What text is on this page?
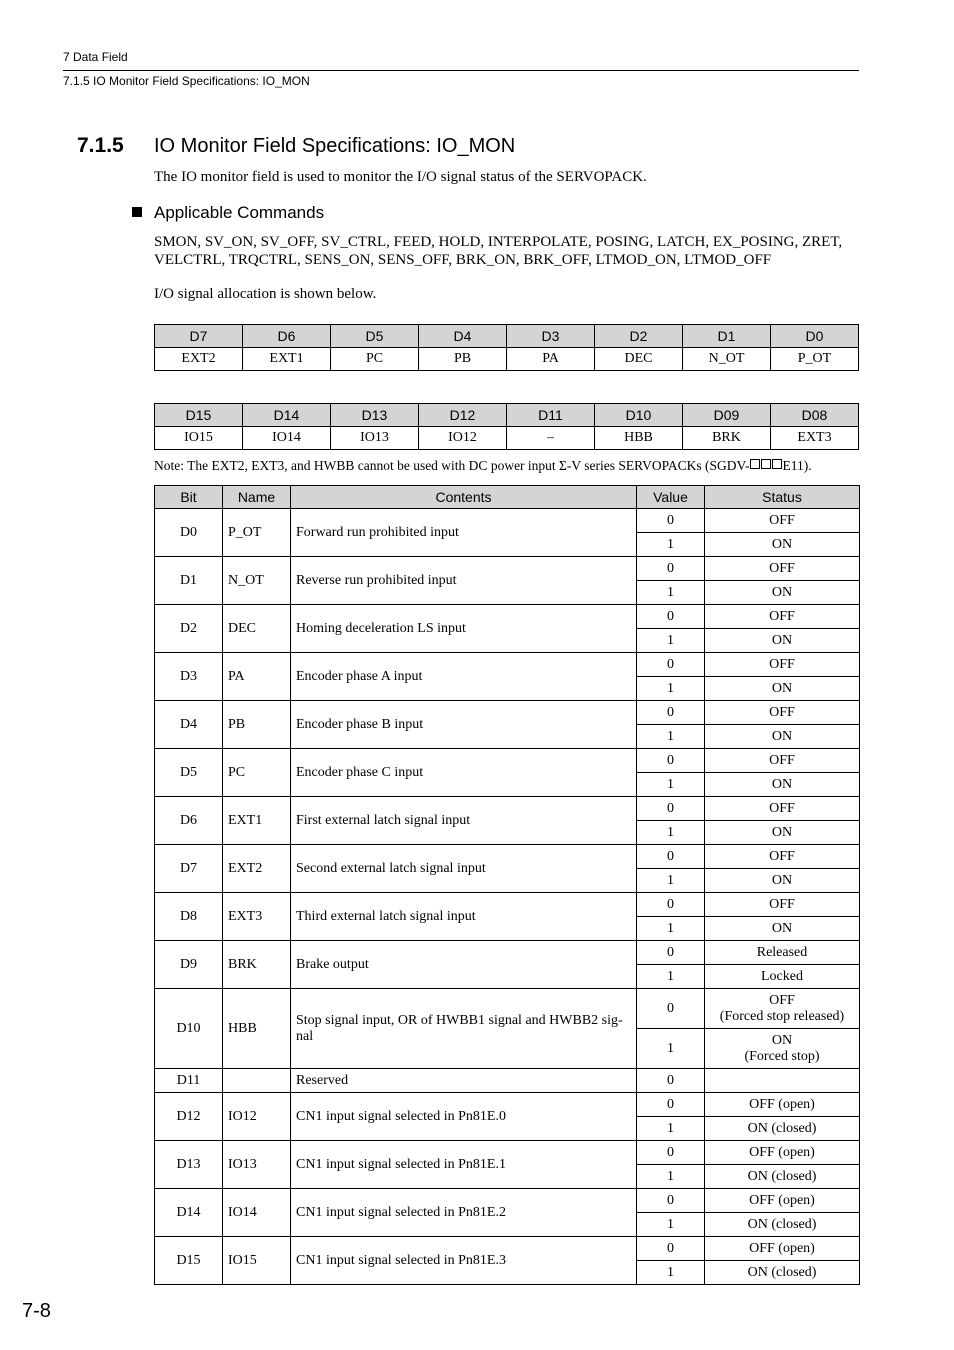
7 Data Field
7.1.5 IO Monitor Field Specifications: IO_MON
7.1.5 IO Monitor Field Specifications: IO_MON
The IO monitor field is used to monitor the I/O signal status of the SERVOPACK.
Applicable Commands
SMON, SV_ON, SV_OFF, SV_CTRL, FEED, HOLD, INTERPOLATE, POSING, LATCH, EX_POSING, ZRET, VELCTRL, TRQCTRL, SENS_ON, SENS_OFF, BRK_ON, BRK_OFF, LTMOD_ON, LTMOD_OFF
I/O signal allocation is shown below.
D7	D6	D5	D4	D3	D2	D1	D0
EXT2	EXT1	PC	PB	PA	DEC	N_OT	P_OT
D15	D14	D13	D12	D11	D10	D09	D08
IO15	IO14	IO13	IO12	–	HBB	BRK	EXT3
Note: The EXT2, EXT3, and HWBB cannot be used with DC power input Σ-V series SERVOPACKs (SGDV- E11).
Bit	Name	Contents	Value	Status
D0	P_OT	Forward run prohibited input	0	OFF
			1	ON
D1	N_OT	Reverse run prohibited input	0	OFF
			1	ON
D2	DEC	Homing deceleration LS input	0	OFF
			1	ON
D3	PA	Encoder phase A input	0	OFF
			1	ON
D4	PB	Encoder phase B input	0	OFF
			1	ON
D5	PC	Encoder phase C input	0	OFF
			1	ON
D6	EXT1	First external latch signal input	0	OFF
			1	ON
D7	EXT2	Second external latch signal input	0	OFF
			1	ON
D8	EXT3	Third external latch signal input	0	OFF
			1	ON
D9	BRK	Brake output	0	Released
			1	Locked
D10	HBB	Stop signal input, OR of HWBB1 signal and HWBB2 sig-nal	0	OFF
(Forced stop released)
			1	ON
(Forced stop)
D11		Reserved	0	
D12	IO12	CN1 input signal selected in Pn81E.0	0	OFF (open)
			1	ON (closed)
D13	IO13	CN1 input signal selected in Pn81E.1	0	OFF (open)
			1	ON (closed)
D14	IO14	CN1 input signal selected in Pn81E.2	0	OFF (open)
			1	ON (closed)
D15	IO15	CN1 input signal selected in Pn81E.3	0	OFF (open)
			1	ON (closed)
7-8
